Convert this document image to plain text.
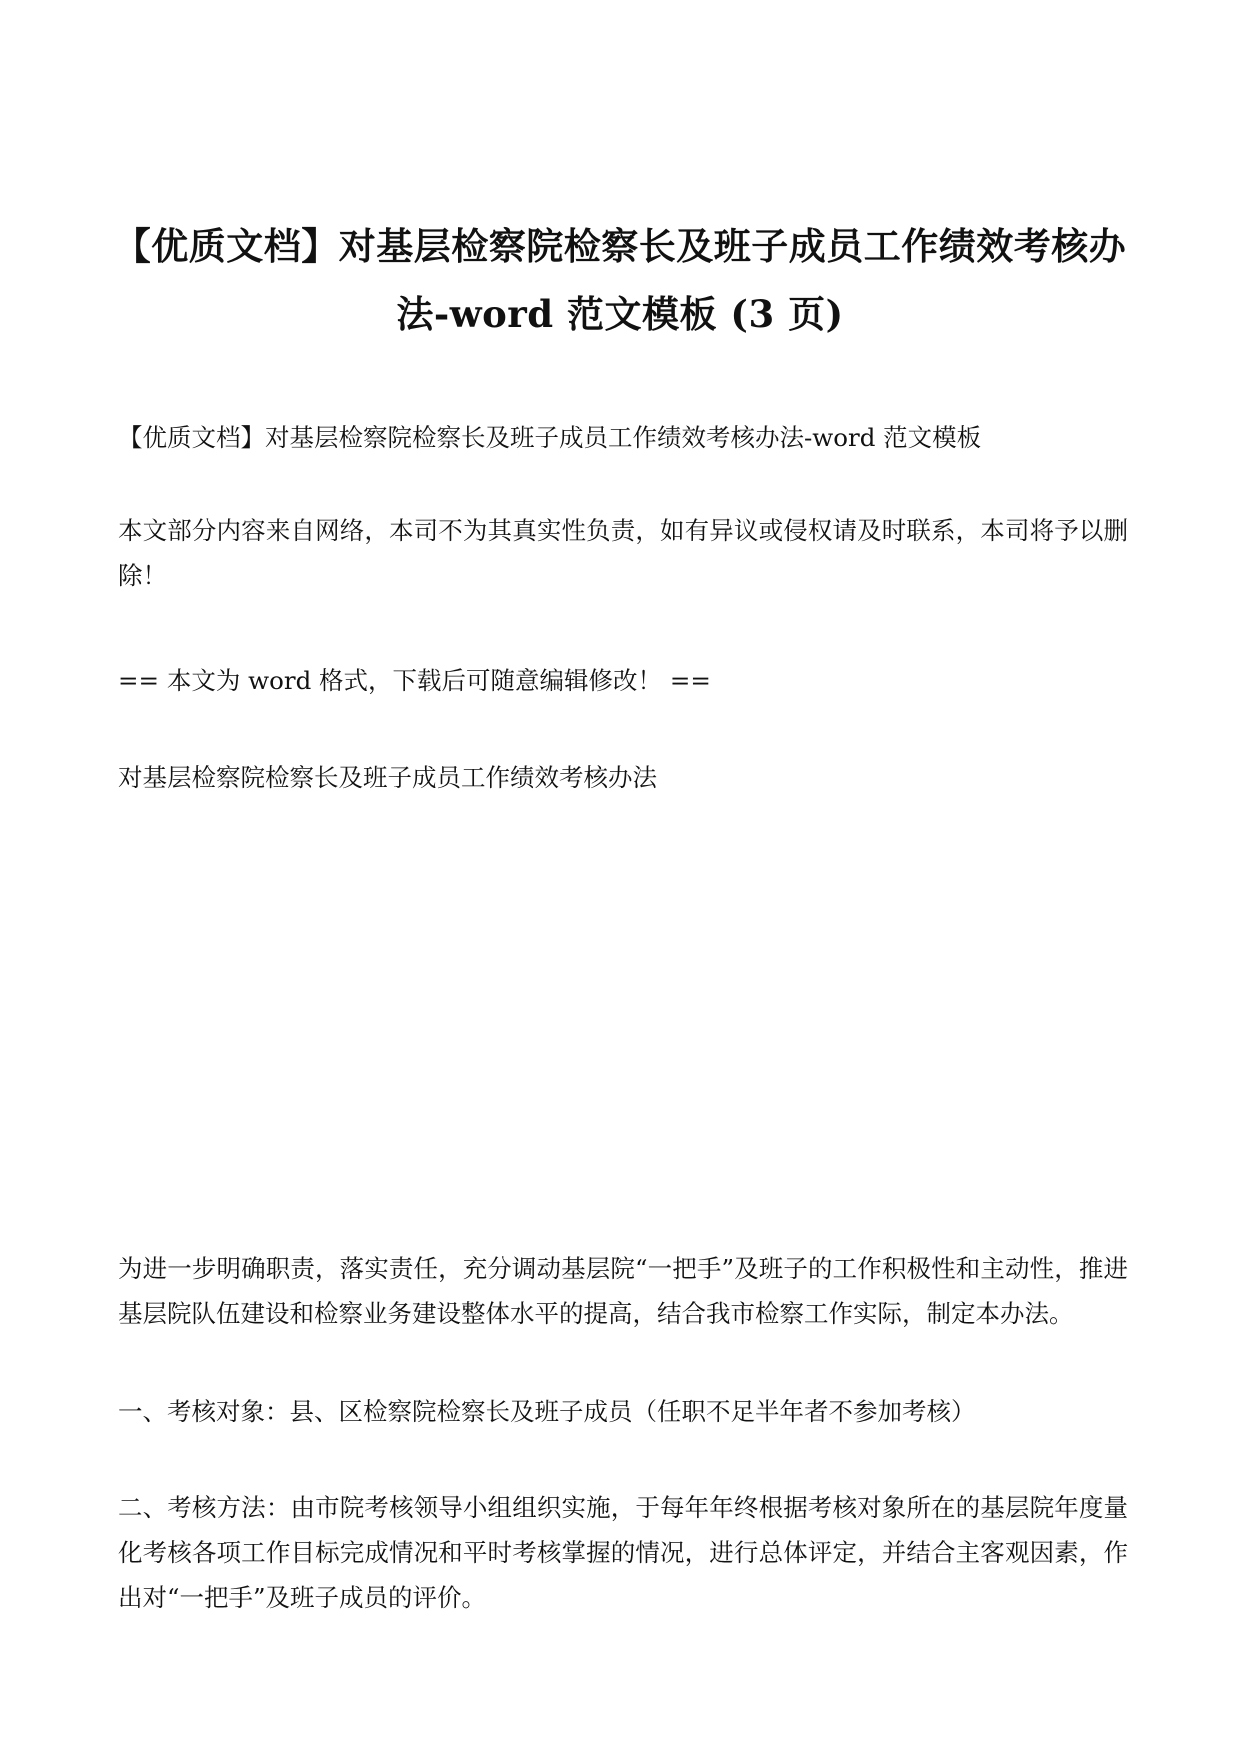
【优质文档】对基层检察院检察长及班子成员工作绩效考核办法-word 范文模板 (3 页)

【优质文档】对基层检察院检察长及班子成员工作绩效考核办法-word 范文模板

本文部分内容来自网络，本司不为其真实性负责，如有异议或侵权请及时联系，本司将予以删除！

== 本文为 word 格式，下载后可随意编辑修改！ ==

对基层检察院检察长及班子成员工作绩效考核办法

为进一步明确职责，落实责任，充分调动基层院“一把手”及班子的工作积极性和主动性，推进基层院队伍建设和检察业务建设整体水平的提高，结合我市检察工作实际，制定本办法。

一、考核对象：县、区检察院检察长及班子成员（任职不足半年者不参加考核）

二、考核方法：由市院考核领导小组组织实施，于每年年终根据考核对象所在的基层院年度量化考核各项工作目标完成情况和平时考核掌握的情况，进行总体评定，并结合主客观因素，作出对“一把手”及班子成员的评价。
